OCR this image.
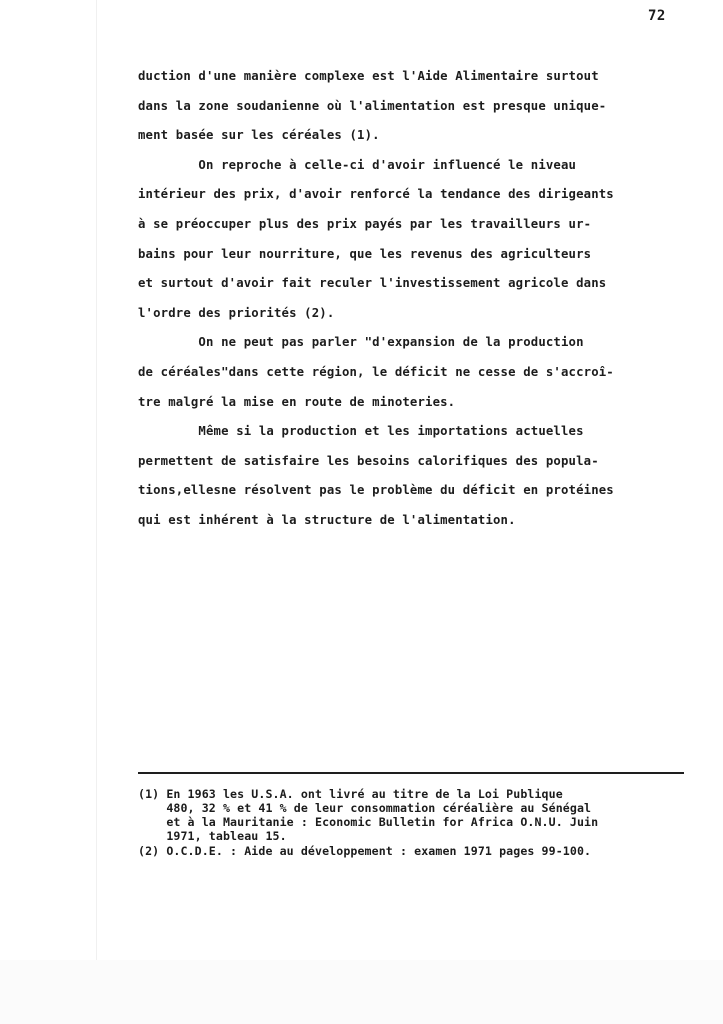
72
duction d'une manière complexe est l'Aide Alimentaire surtout
dans la zone soudanienne où l'alimentation est presque unique-
ment basée sur les céréales (1).
On reproche à celle-ci d'avoir influencé le niveau
intérieur des prix, d'avoir renforcé la tendance des dirigeants
à se préoccuper plus des prix payés par les travailleurs ur-
bains pour leur nourriture, que les revenus des agriculteurs
et surtout d'avoir fait reculer l'investissement agricole dans
l'ordre des priorités (2).
On ne peut pas parler "d'expansion de la production
de céréales"dans cette région, le déficit ne cesse de s'accroî-
tre malgré la mise en route de minoteries.
Même si la production et les importations actuelles
permettent de satisfaire les besoins calorifiques des popula-
tions,ellesne résolvent pas le problème du déficit en protéines
qui est inhérent à la structure de l'alimentation.
(1) En 1963 les U.S.A. ont livré au titre de la Loi Publique
480, 32 % et 41 % de leur consommation céréalière au Sénégal
et à la Mauritanie : Economic Bulletin for Africa O.N.U. Juin
1971, tableau 15.
(2) O.C.D.E. : Aide au développement : examen 1971 pages 99-100.
